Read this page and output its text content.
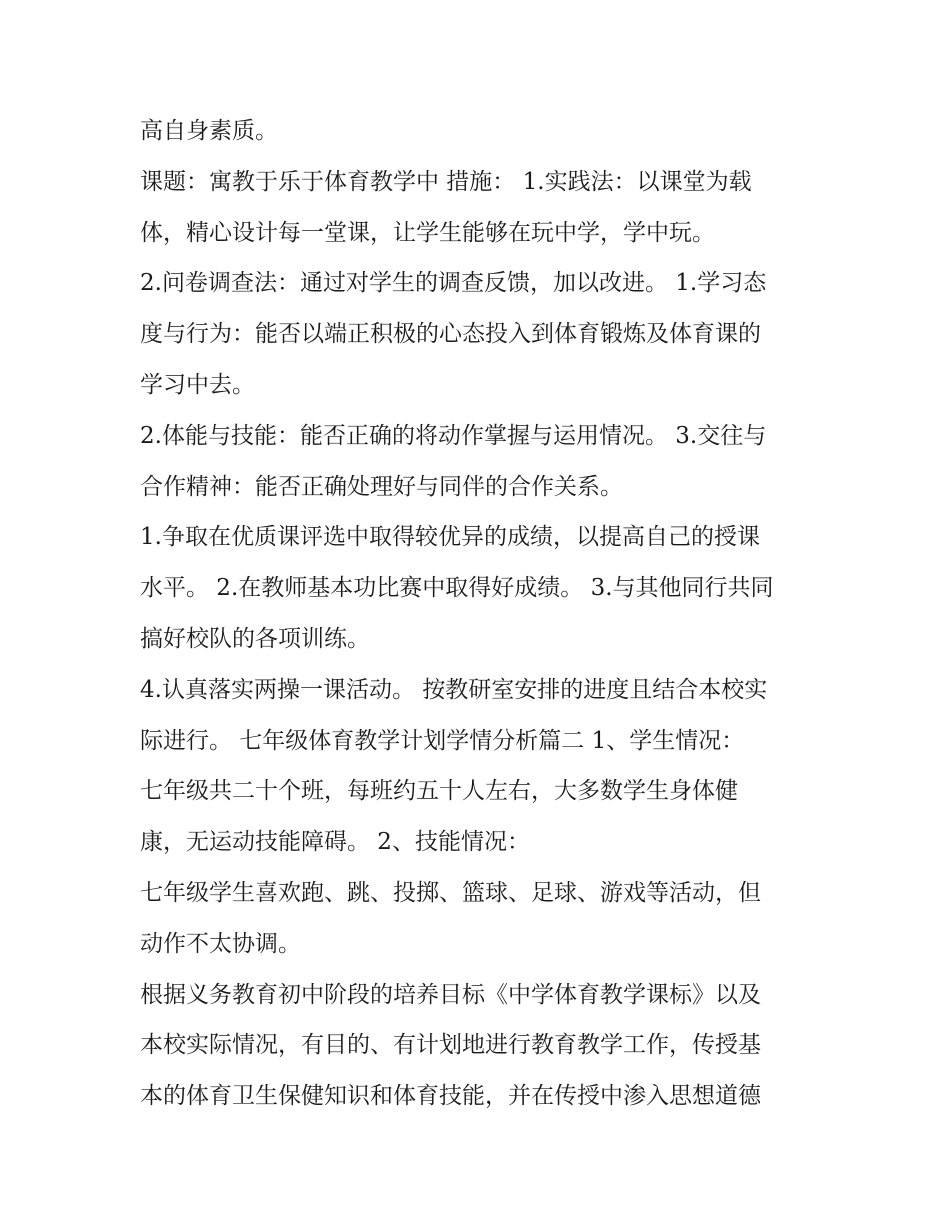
高自身素质。
课题：寓教于乐于体育教学中 措施： 1.实践法：以课堂为载
体，精心设计每一堂课，让学生能够在玩中学，学中玩。
2.问卷调查法：通过对学生的调查反馈，加以改进。 1.学习态
度与行为：能否以端正积极的心态投入到体育锻炼及体育课的
学习中去。
2.体能与技能：能否正确的将动作掌握与运用情况。 3.交往与
合作精神：能否正确处理好与同伴的合作关系。
1.争取在优质课评选中取得较优异的成绩，以提高自己的授课
水平。 2.在教师基本功比赛中取得好成绩。 3.与其他同行共同
搞好校队的各项训练。
4.认真落实两操一课活动。 按教研室安排的进度且结合本校实
际进行。 七年级体育教学计划学情分析篇二 1、学生情况：
七年级共二十个班，每班约五十人左右，大多数学生身体健
康，无运动技能障碍。 2、技能情况：
七年级学生喜欢跑、跳、投掷、篮球、足球、游戏等活动，但
动作不太协调。
根据义务教育初中阶段的培养目标《中学体育教学课标》以及
本校实际情况，有目的、有计划地进行教育教学工作，传授基
本的体育卫生保健知识和体育技能，并在传授中渗入思想道德
